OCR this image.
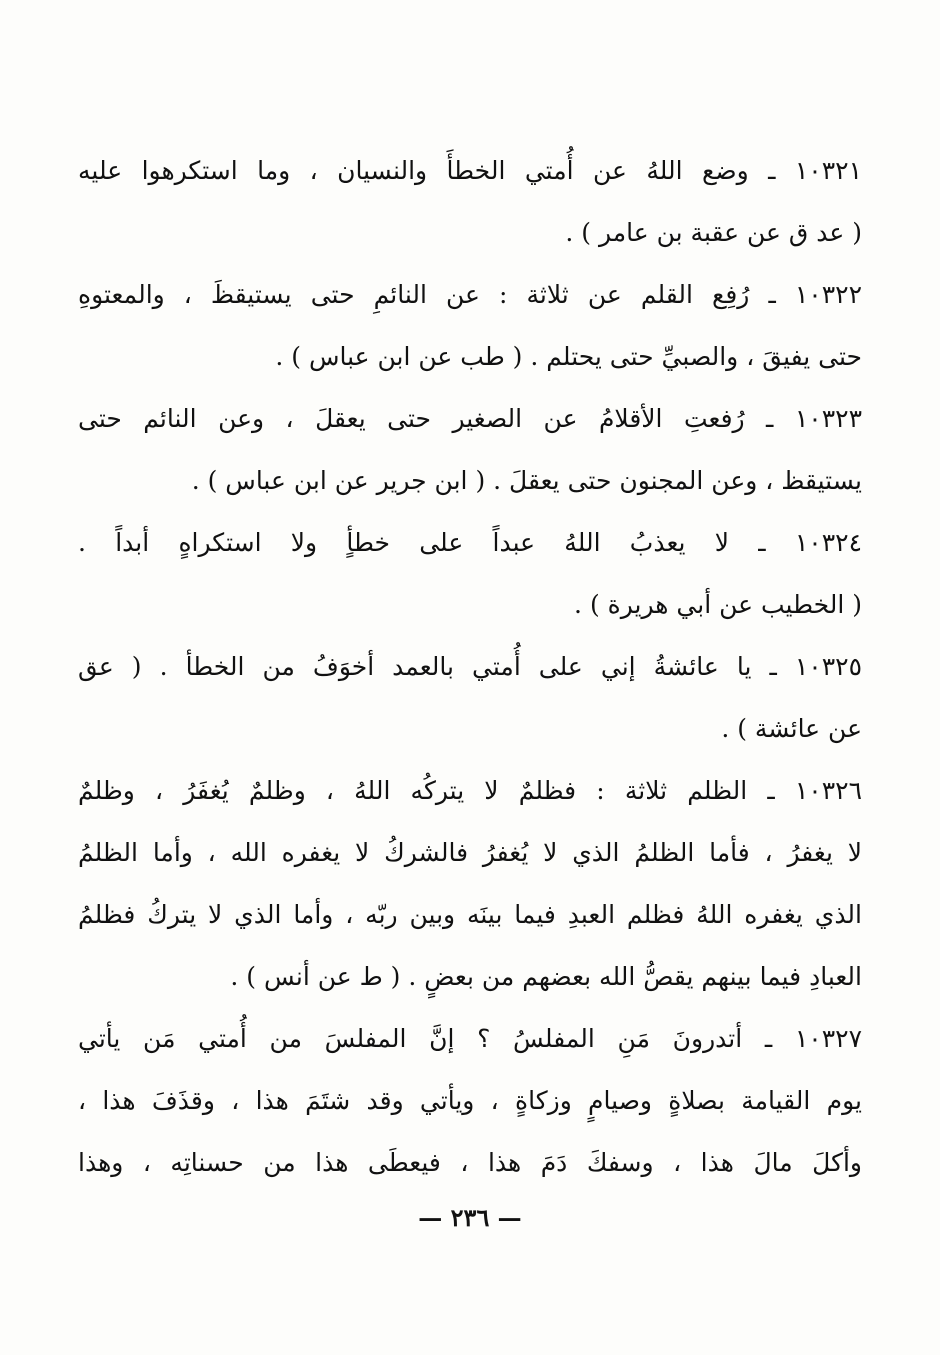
١٠٣٢١ ـ وضع اللهُ عن أُمتي الخطأَ والنسيان ، وما استكرهوا عليه
( عد ق عن عقبة بن عامر ) .
١٠٣٢٢ ـ رُفِع القلم عن ثلاثة : عن النائمِ حتى يستيقظَ ، والمعتوهِ
حتى يفيقَ ، والصبيِّ حتى يحتلم . ( طب عن ابن عباس ) .
١٠٣٢٣ ـ رُفعتِ الأقلامُ عن الصغير حتى يعقلَ ، وعن النائم حتى
يستيقظ ، وعن المجنون حتى يعقلَ . ( ابن جرير عن ابن عباس ) .
١٠٣٢٤ ـ لا يعذبُ اللهُ عبداً على خطأٍ ولا استكراهٍ أبداً .
( الخطيب عن أبي هريرة ) .
١٠٣٢٥ ـ يا عائشةُ إني على أُمتي بالعمد أخوَفُ من الخطأ . ( عق
عن عائشة ) .
١٠٣٢٦ ـ الظلم ثلاثة : فظلمٌ لا يتركُه اللهُ ، وظلمٌ يُغفَرُ ، وظلمٌ
لا يغفرُ ، فأما الظلمُ الذي لا يُغفرُ فالشركُ لا يغفره الله ، وأما الظلمُ
الذي يغفره اللهُ فظلم العبدِ فيما بينَه وبين ربّه ، وأما الذي لا يتركُ فظلمُ
العبادِ فيما بينهم يقصُّ الله بعضهم من بعضٍ . ( ط عن أنس ) .
١٠٣٢٧ ـ أتدرونَ مَنِ المفلسُ ؟ إنَّ المفلسَ من أُمتي مَن يأتي
يوم القيامة بصلاةٍ وصيامٍ وزكاةٍ ، ويأتي وقد شتَمَ هذا ، وقذَفَ هذا ،
وأكلَ مالَ هذا ، وسفكَ دَمَ هذا ، فيعطَى هذا من حسناتِه ، وهذا
— ٢٣٦ —
